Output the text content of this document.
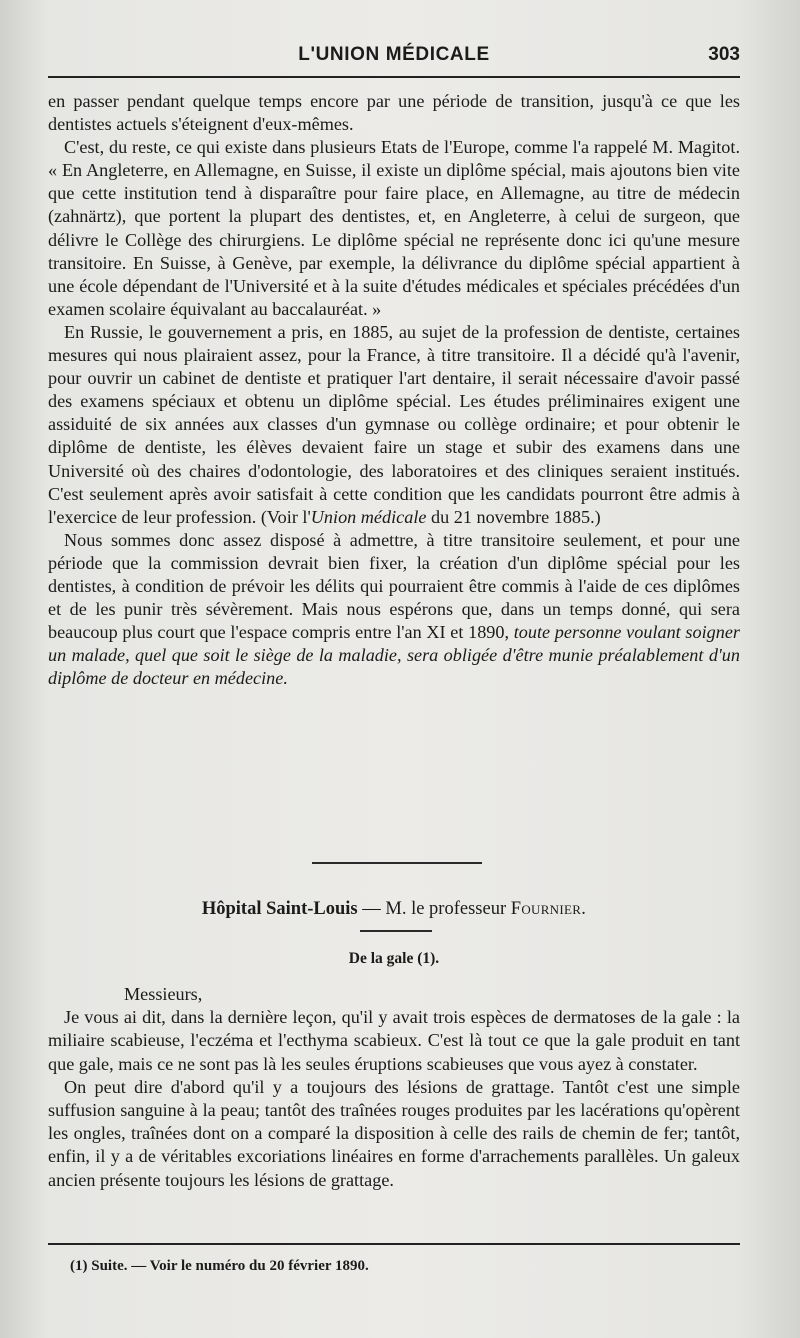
L'UNION MÉDICALE	303

en passer pendant quelque temps encore par une période de transition, jusqu'à ce que les dentistes actuels s'éteignent d'eux-mêmes.

C'est, du reste, ce qui existe dans plusieurs Etats de l'Europe, comme l'a rappelé M. Magitot. « En Angleterre, en Allemagne, en Suisse, il existe un diplôme spécial, mais ajoutons bien vite que cette institution tend à disparaître pour faire place, en Allemagne, au titre de médecin (zahnärtz), que portent la plupart des dentistes, et, en Angleterre, à celui de surgeon, que délivre le Collège des chirurgiens. Le diplôme spécial ne représente donc ici qu'une mesure transitoire. En Suisse, à Genève, par exemple, la délivrance du diplôme spécial appartient à une école dépendant de l'Université et à la suite d'études médicales et spéciales précédées d'un examen scolaire équivalant au baccalauréat. »

En Russie, le gouvernement a pris, en 1885, au sujet de la profession de dentiste, certaines mesures qui nous plairaient assez, pour la France, à titre transitoire. Il a décidé qu'à l'avenir, pour ouvrir un cabinet de dentiste et pratiquer l'art dentaire, il serait nécessaire d'avoir passé des examens spéciaux et obtenu un diplôme spécial. Les études préliminaires exigent une assiduité de six années aux classes d'un gymnase ou collège ordinaire; et pour obtenir le diplôme de dentiste, les élèves devaient faire un stage et subir des examens dans une Université où des chaires d'odontologie, des laboratoires et des cliniques seraient institués. C'est seulement après avoir satisfait à cette condition que les candidats pourront être admis à l'exercice de leur profession. (Voir l'Union médicale du 21 novembre 1885.)

Nous sommes donc assez disposé à admettre, à titre transitoire seulement, et pour une période que la commission devrait bien fixer, la création d'un diplôme spécial pour les dentistes, à condition de prévoir les délits qui pourraient être commis à l'aide de ces diplômes et de les punir très sévèrement. Mais nous espérons que, dans un temps donné, qui sera beaucoup plus court que l'espace compris entre l'an XI et 1890, toute personne voulant soigner un malade, quel que soit le siège de la maladie, sera obligée d'être munie préalablement d'un diplôme de docteur en médecine.

Hôpital Saint-Louis — M. le professeur Fournier.
De la gale (1).

Messieurs,

Je vous ai dit, dans la dernière leçon, qu'il y avait trois espèces de dermatoses de la gale : la miliaire scabieuse, l'eczéma et l'ecthyma scabieux. C'est là tout ce que la gale produit en tant que gale, mais ce ne sont pas là les seules éruptions scabieuses que vous ayez à constater.

On peut dire d'abord qu'il y a toujours des lésions de grattage. Tantôt c'est une simple suffusion sanguine à la peau; tantôt des traînées rouges produites par les lacérations qu'opèrent les ongles, traînées dont on a comparé la disposition à celle des rails de chemin de fer; tantôt, enfin, il y a de véritables excoriations linéaires en forme d'arrachements parallèles. Un galeux ancien présente toujours les lésions de grattage.

(1) Suite. — Voir le numéro du 20 février 1890.
